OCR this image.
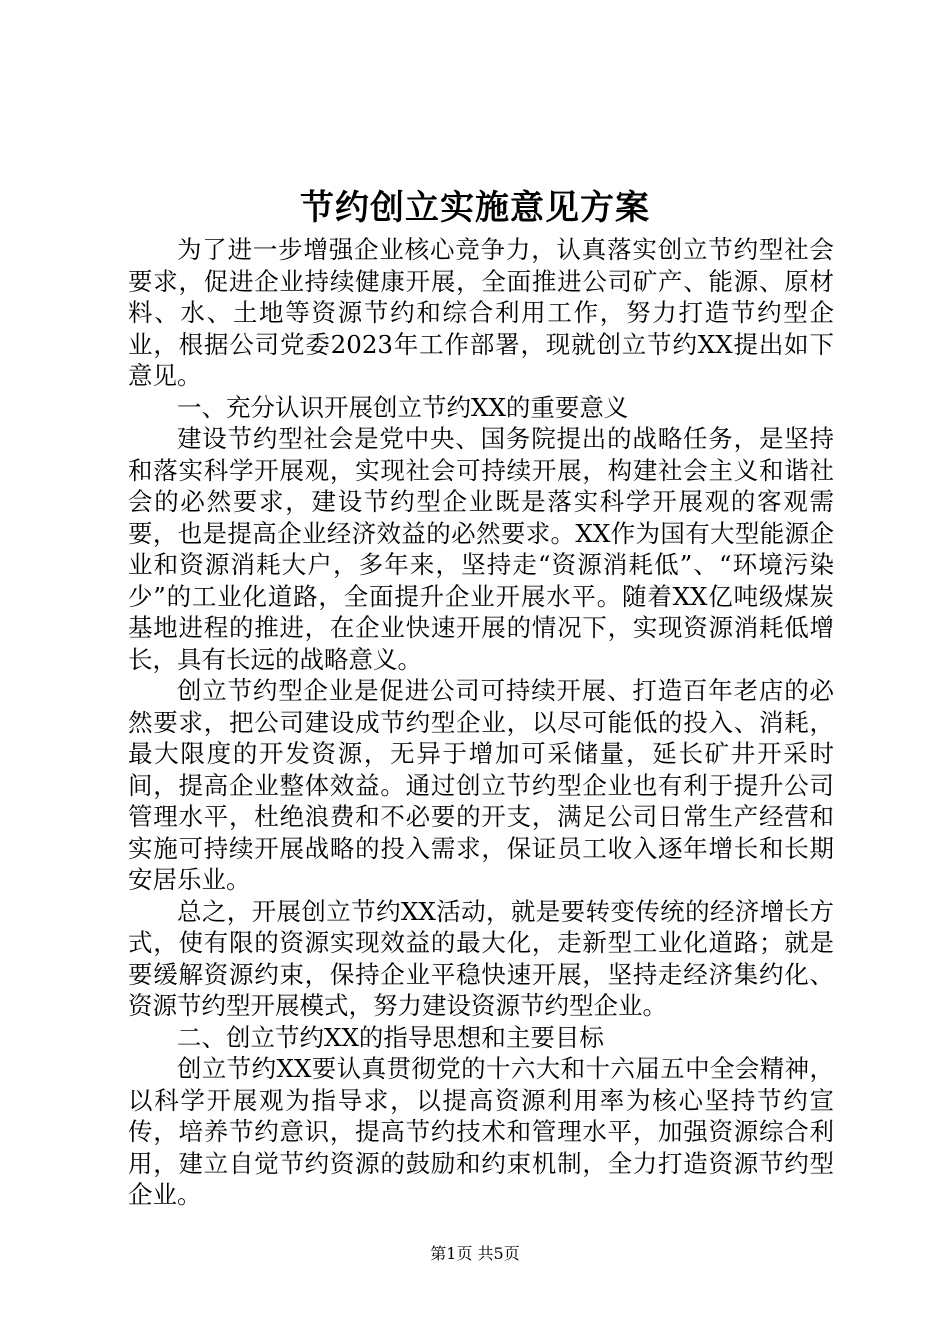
节约创立实施意见方案

为了进一步增强企业核心竞争力，认真落实创立节约型社会要求，促进企业持续健康开展，全面推进公司矿产、能源、原材料、水、土地等资源节约和综合利用工作，努力打造节约型企业，根据公司党委2023年工作部署，现就创立节约XX提出如下意见。

一、充分认识开展创立节约XX的重要意义

建设节约型社会是党中央、国务院提出的战略任务，是坚持和落实科学开展观，实现社会可持续开展，构建社会主义和谐社会的必然要求，建设节约型企业既是落实科学开展观的客观需要，也是提高企业经济效益的必然要求。XX作为国有大型能源企业和资源消耗大户，多年来，坚持走“资源消耗低”、“环境污染少”的工业化道路，全面提升企业开展水平。随着XX亿吨级煤炭基地进程的推进，在企业快速开展的情况下，实现资源消耗低增长，具有长远的战略意义。

创立节约型企业是促进公司可持续开展、打造百年老店的必然要求，把公司建设成节约型企业，以尽可能低的投入、消耗，最大限度的开发资源，无异于增加可采储量，延长矿井开采时间，提高企业整体效益。通过创立节约型企业也有利于提升公司管理水平，杜绝浪费和不必要的开支，满足公司日常生产经营和实施可持续开展战略的投入需求，保证员工收入逐年增长和长期安居乐业。

总之，开展创立节约XX活动，就是要转变传统的经济增长方式，使有限的资源实现效益的最大化，走新型工业化道路；就是要缓解资源约束，保持企业平稳快速开展，坚持走经济集约化、资源节约型开展模式，努力建设资源节约型企业。

二、创立节约XX的指导思想和主要目标

创立节约XX要认真贯彻党的十六大和十六届五中全会精神，以科学开展观为指导求，以提高资源利用率为核心坚持节约宣传，培养节约意识，提高节约技术和管理水平，加强资源综合利用，建立自觉节约资源的鼓励和约束机制，全力打造资源节约型企业。

第1页 共5页
